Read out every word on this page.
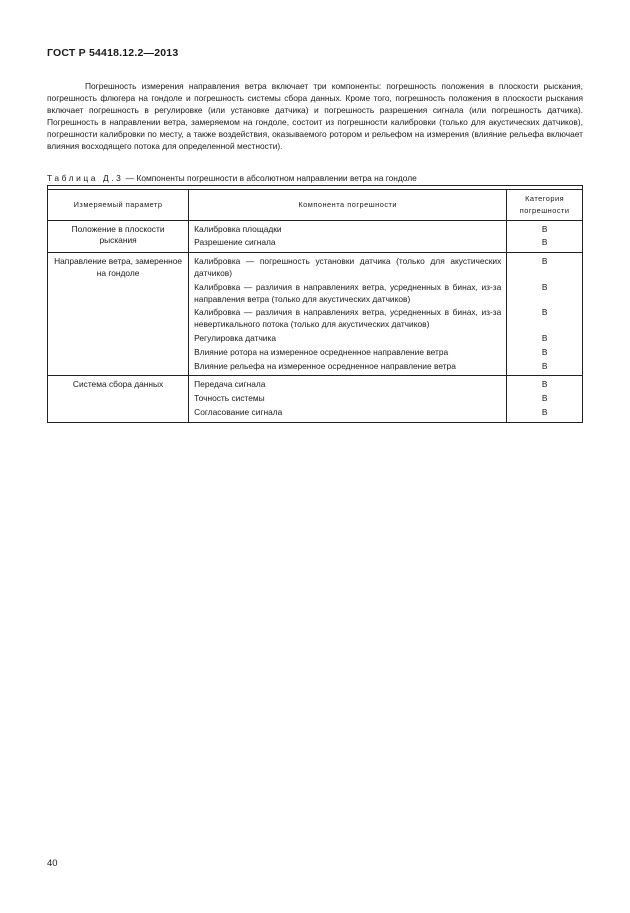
ГОСТ Р 54418.12.2—2013

Погрешность измерения направления ветра включает три компоненты: погрешность положения в плоскости рыскания, погрешность флюгера на гондоле и погрешность системы сбора данных. Кроме того, погрешность положения в плоскости рыскания включает погрешность в регулировке (или установке датчика) и погрешность разрешения сигнала (или погрешность датчика). Погрешность в направлении ветра, замеряемом на гондоле, состоит из погрешности калибровки (только для акустических датчиков), погрешности калибровки по месту, а также воздействия, оказываемого ротором и рельефом на измерения (влияние рельефа включает влияния восходящего потока для определенной местности).

Таблица Д.3 — Компоненты погрешности в абсолютном направлении ветра на гондоле

Измеряемый параметр	Компонента погрешности	Категория погрешности
Положение в плоскости рыскания	Калибровка площадки	В
	Разрешение сигнала	В
Направление ветра, замеренное на гондоле	Калибровка — погрешность установки датчика (только для акустических датчиков)	В
	Калибровка — различия в направлениях ветра, усредненных в бинах, из-за направления ветра (только для акустических датчиков)	В
	Калибровка — различия в направлениях ветра, усредненных в бинах, из-за невертикального потока (только для акустических датчиков)	В
	Регулировка датчика	В
	Влияние ротора на измеренное осредненное направление ветра	В
	Влияние рельефа на измеренное осредненное направление ветра	В
Система сбора данных	Передача сигнала	В
	Точность системы	В
	Согласование сигнала	В
40
